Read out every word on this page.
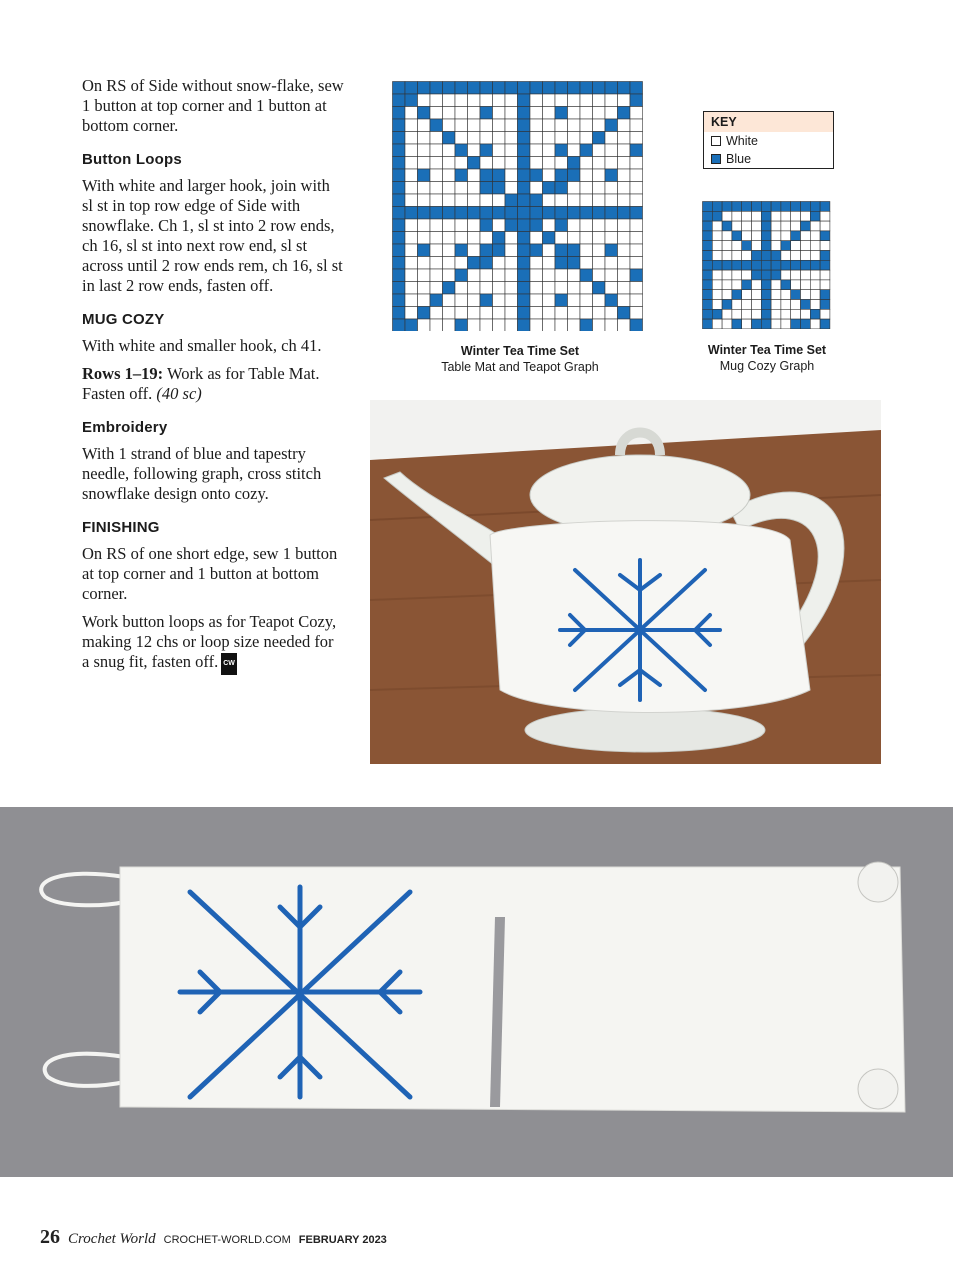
On RS of Side without snow-flake, sew 1 button at top corner and 1 button at bottom corner.

Button Loops

With white and larger hook, join with sl st in top row edge of Side with snowflake. Ch 1, sl st into 2 row ends, ch 16, sl st into next row end, sl st across until 2 row ends rem, ch 16, sl st in last 2 row ends, fasten off.

MUG COZY

With white and smaller hook, ch 41.

Rows 1–19: Work as for Table Mat. Fasten off. (40 sc)

Embroidery

With 1 strand of blue and tapestry needle, following graph, cross stitch snowflake design onto cozy.

FINISHING

On RS of one short edge, sew 1 button at top corner and 1 button at bottom corner.

Work button loops as for Teapot Cozy, making 12 chs or loop size needed for a snug fit, fasten off. CW

Winter Tea Time Set
Table Mat and Teapot Graph
KEY
White
Blue
Winter Tea Time Set
Mug Cozy Graph
26 Crochet World CROCHET-WORLD.COM FEBRUARY 2023
